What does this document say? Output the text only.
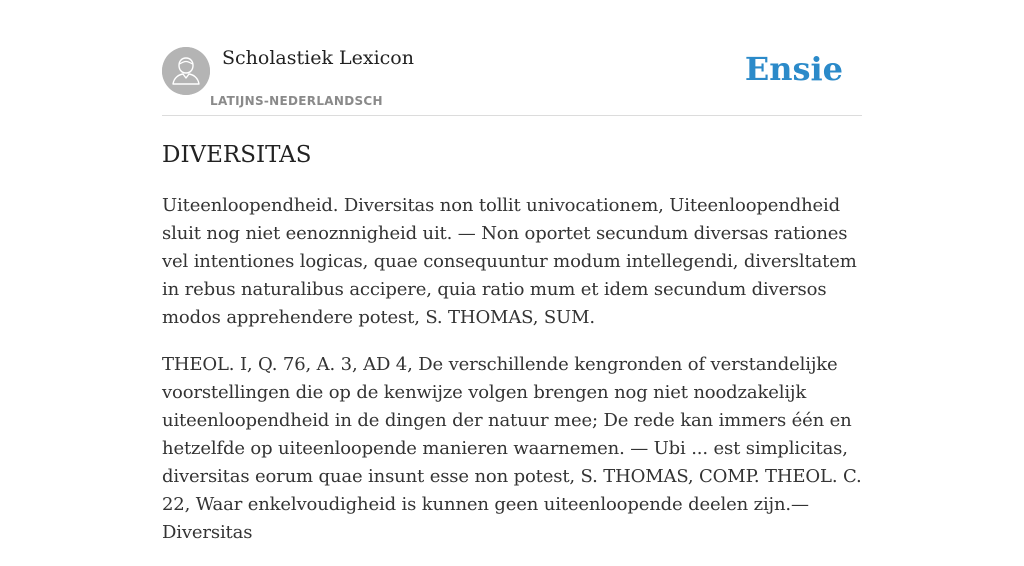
Scholastiek Lexicon
LATIJNS-NEDERLANDSCH
Ensie
DIVERSITAS

Uiteenloopendheid. Diversitas non tollit univocationem, Uiteenloopendheid sluit nog niet eenoznnigheid uit. — Non oportet secundum diversas rationes vel intentiones logicas, quae consequuntur modum intellegendi, diversltatem in rebus naturalibus accipere, quia ratio mum et idem secundum diversos modos apprehendere potest, S. THOMAS, SUM.

THEOL. I, Q. 76, A. 3, AD 4, De verschillende kengronden of verstandelijke voorstellingen die op de kenwijze volgen brengen nog niet noodzakelijk uiteenloopendheid in de dingen der natuur mee; De rede kan immers één en hetzelfde op uiteenloopende manieren waarnemen. — Ubi ... est simplicitas, diversitas eorum quae insunt esse non potest, S. THOMAS, COMP. THEOL. C. 22, Waar enkelvoudigheid is kunnen geen uiteenloopende deelen zijn.— Diversitas
